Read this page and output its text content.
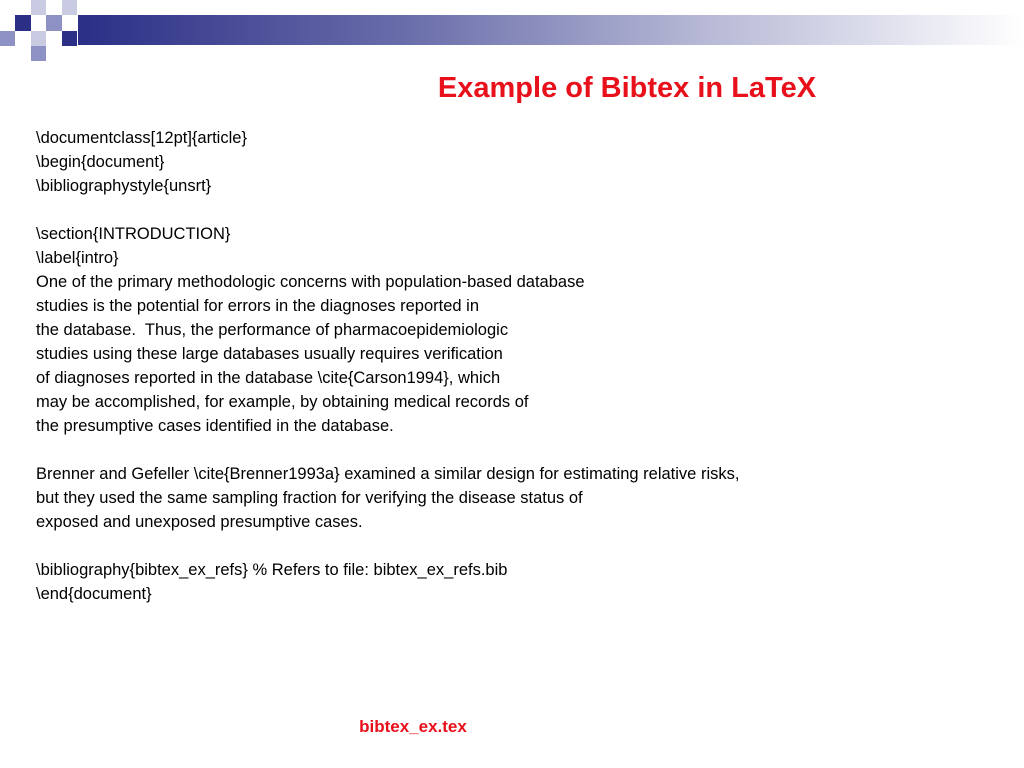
Example of Bibtex in LaTeX
\documentclass[12pt]{article}
\begin{document}
\bibliographystyle{unsrt}
\section{INTRODUCTION}
\label{intro}
One of the primary methodologic concerns with population-based database
studies is the potential for errors in the diagnoses reported in
the database.  Thus, the performance of pharmacoepidemiologic
studies using these large databases usually requires verification
of diagnoses reported in the database \cite{Carson1994}, which
may be accomplished, for example, by obtaining medical records of
the presumptive cases identified in the database.
Brenner and Gefeller \cite{Brenner1993a} examined a similar design for estimating relative risks,
but they used the same sampling fraction for verifying the disease status of
exposed and unexposed presumptive cases.
\bibliography{bibtex_ex_refs} % Refers to file: bibtex_ex_refs.bib
\end{document}
bibtex_ex.tex
